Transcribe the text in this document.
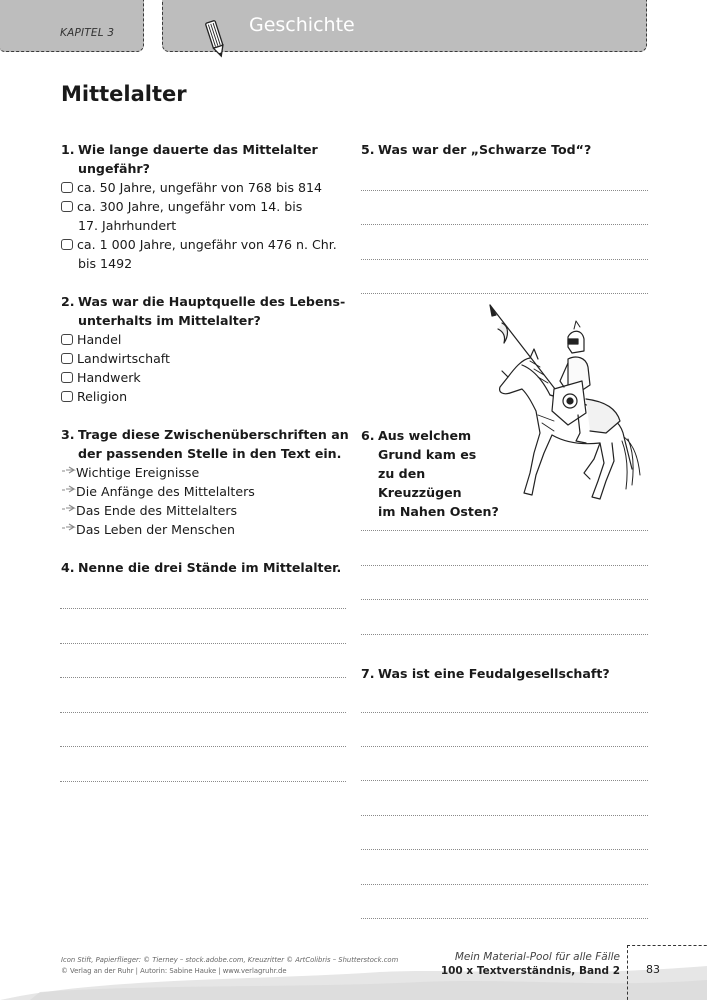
KAPITEL 3	Geschichte
Mittelalter
1. Wie lange dauerte das Mittelalter
ungefähr?
ca. 50 Jahre, ungefähr von 768 bis 814
ca. 300 Jahre, ungefähr vom 14. bis
17. Jahrhundert
ca. 1 000 Jahre, ungefähr von 476 n. Chr.
bis 1492
2. Was war die Hauptquelle des Lebens-
unterhalts im Mittelalter?
Handel
Landwirtschaft
Handwerk
Religion
3. Trage diese Zwischenüberschriften an
der passenden Stelle in den Text ein.
Wichtige Ereignisse
Die Anfänge des Mittelalters
Das Ende des Mittelalters
Das Leben der Menschen
4. Nenne die drei Stände im Mittelalter.
5. Was war der „Schwarze Tod“?
6. Aus welchem
Grund kam es
zu den Kreuzzügen
im Nahen Osten?
7. Was ist eine Feudalgesellschaft?
Icon Stift, Papierflieger: © Tierney – stock.adobe.com, Kreuzritter © ArtColibris – Shutterstock.com
© Verlag an der Ruhr | Autorin: Sabine Hauke | www.verlagruhr.de
Mein Material-Pool für alle Fälle
100 x Textverständnis, Band 2 83
